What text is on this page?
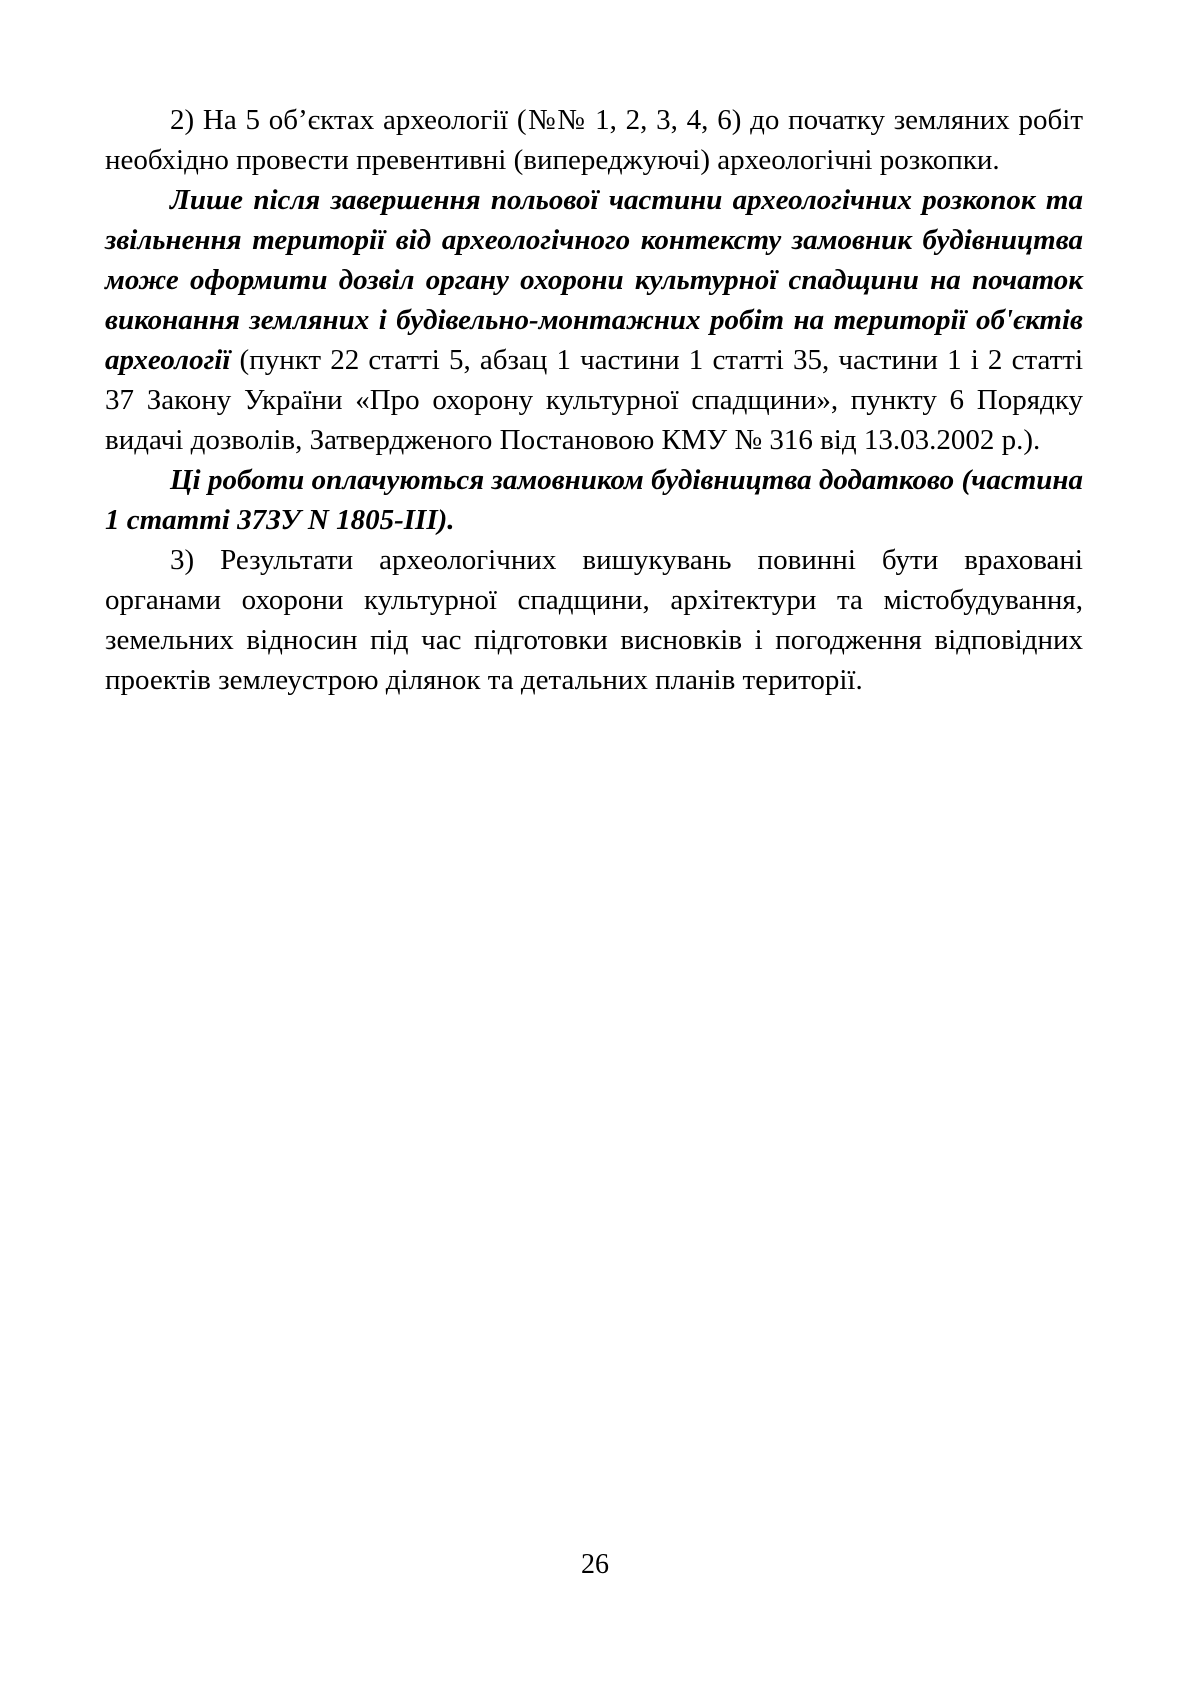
2) На 5 об’єктах археології (№№ 1, 2, 3, 4, 6) до початку земляних робіт необхідно провести превентивні (випереджуючі) археологічні розкопки.

Лише після завершення польової частини археологічних розкопок та звільнення території від археологічного контексту замовник будівництва може оформити дозвіл органу охорони культурної спадщини на початок виконання земляних і будівельно-монтажних робіт на території об'єктів археології (пункт 22 статті 5, абзац 1 частини 1 статті 35, частини 1 і 2 статті 37 Закону України «Про охорону культурної спадщини», пункту 6 Порядку видачі дозволів, Затвердженого Постановою КМУ № 316 від 13.03.2002 р.).

Ці роботи оплачуються замовником будівництва додатково (частина 1 статті 37ЗУ N 1805-ІІІ).

3) Результати археологічних вишукувань повинні бути враховані органами охорони культурної спадщини, архітектури та містобудування, земельних відносин під час підготовки висновків і погодження відповідних проектів землеустрою ділянок та детальних планів території.

26
